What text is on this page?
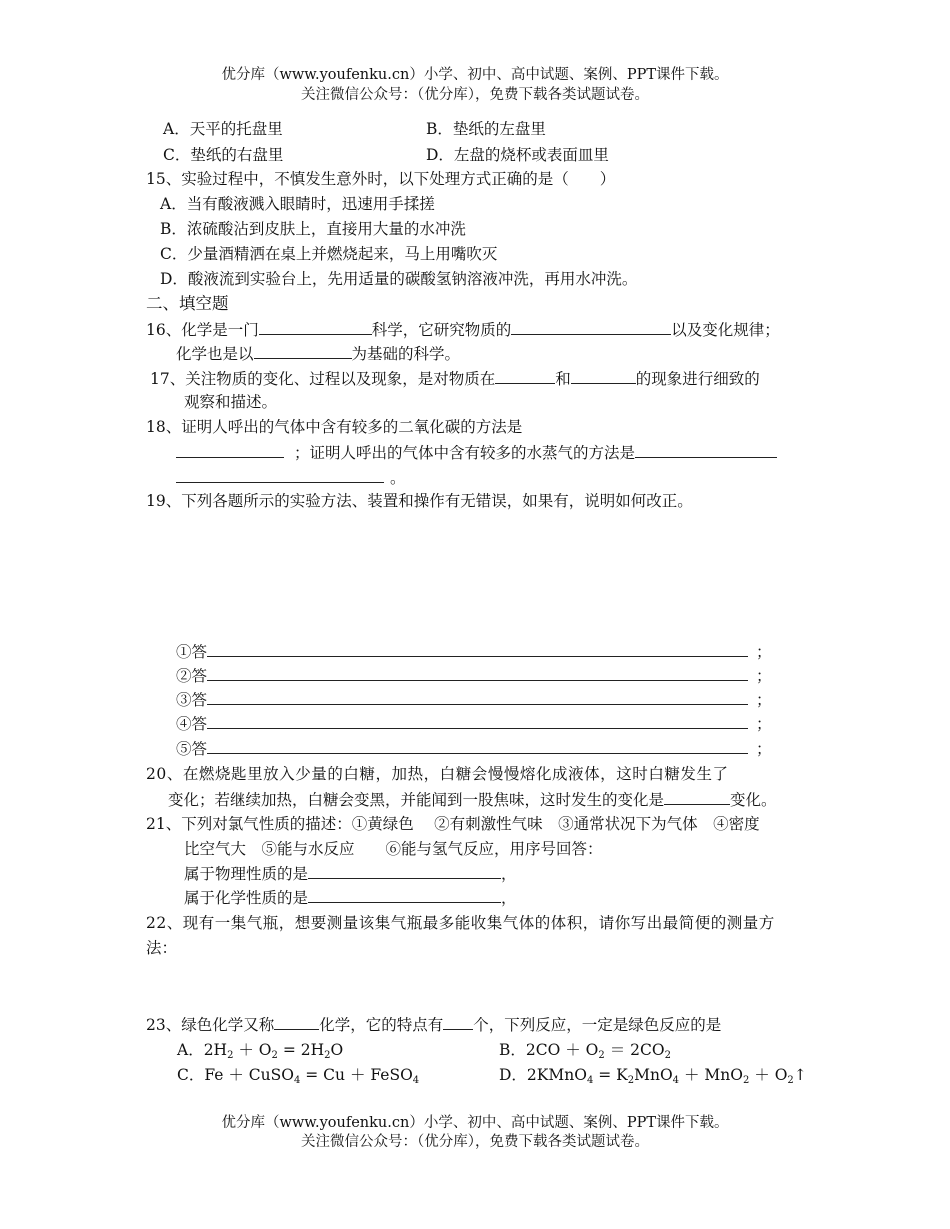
优分库（www.youfenku.cn）小学、初中、高中试题、案例、PPT课件下载。
关注微信公众号：（优分库），免费下载各类试题试卷。
A．天平的托盘里	B．垫纸的左盘里
C．垫纸的右盘里	D．左盘的烧杯或表面皿里
15、实验过程中，不慎发生意外时，以下处理方式正确的是（　　）
A．当有酸液溅入眼睛时，迅速用手揉搓
B．浓硫酸沾到皮肤上，直接用大量的水冲洗
C．少量酒精洒在桌上并燃烧起来，马上用嘴吹灭
D．酸液流到实验台上，先用适量的碳酸氢钠溶液冲洗，再用水冲洗。
二、填空题
16、化学是一门	科学，它研究物质的	以及变化规律；
化学也是以	为基础的科学。
17、关注物质的变化、过程以及现象，是对物质在	和	的现象进行细致的
观察和描述。
18、证明人呼出的气体中含有较多的二氧化碳的方法是
；证明人呼出的气体中含有较多的水蒸气的方法是
。
19、下列各题所示的实验方法、装置和操作有无错误，如果有，说明如何改正。
①答	；
②答	；
③答	；
④答	；
⑤答	；
20、在燃烧匙里放入少量的白糖，加热，白糖会慢慢熔化成液体，这时白糖发生了
变化；若继续加热，白糖会变黑，并能闻到一股焦味，这时发生的变化是	变化。
21、下列对氯气性质的描述：①黄绿色　 ②有刺激性气味　③通常状况下为气体　④密度
比空气大　⑤能与水反应　　⑥能与氢气反应，用序号回答：
属于物理性质的是	，
属于化学性质的是	，
22、现有一集气瓶，想要测量该集气瓶最多能收集气体的体积，请你写出最简便的测量方
法：
23、绿色化学又称	化学，它的特点有 个，下列反应，一定是绿色反应的是
A．$2H_2 + O_2 = 2H_2O$	B．$2CO + O_2 = 2CO_2$
C．Fe ＋ CuSO$_4$ = Cu ＋ FeSO$_4$	D．2KMnO$_4$ = $K_2MnO_4 + MnO_2$ ＋ $O_2↑$
优分库（www.youfenku.cn）小学、初中、高中试题、案例、PPT课件下载。
关注微信公众号：（优分库），免费下载各类试题试卷。
